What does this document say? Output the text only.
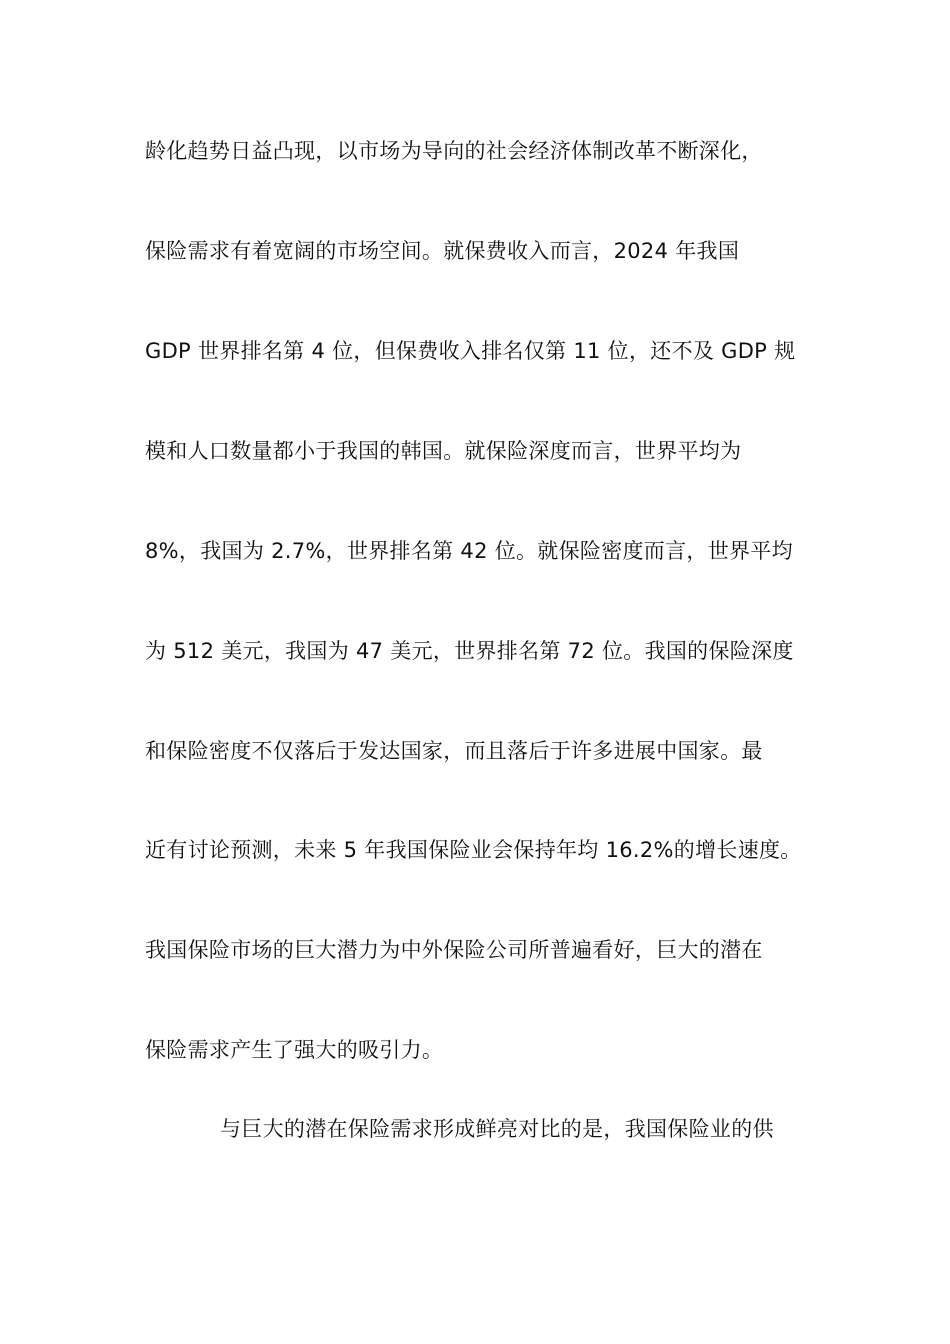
龄化趋势日益凸现，以市场为导向的社会经济体制改革不断深化，
保险需求有着宽阔的市场空间。就保费收入而言，2024 年我国
GDP 世界排名第 4 位，但保费收入排名仅第 11 位，还不及 GDP 规
模和人口数量都小于我国的韩国。就保险深度而言，世界平均为
8%，我国为 2.7%，世界排名第 42 位。就保险密度而言，世界平均
为 512 美元，我国为 47 美元，世界排名第 72 位。我国的保险深度
和保险密度不仅落后于发达国家，而且落后于许多进展中国家。最
近有讨论预测，未来 5 年我国保险业会保持年均 16.2%的增长速度。
我国保险市场的巨大潜力为中外保险公司所普遍看好，巨大的潜在
保险需求产生了强大的吸引力。
与巨大的潜在保险需求形成鲜亮对比的是，我国保险业的供
